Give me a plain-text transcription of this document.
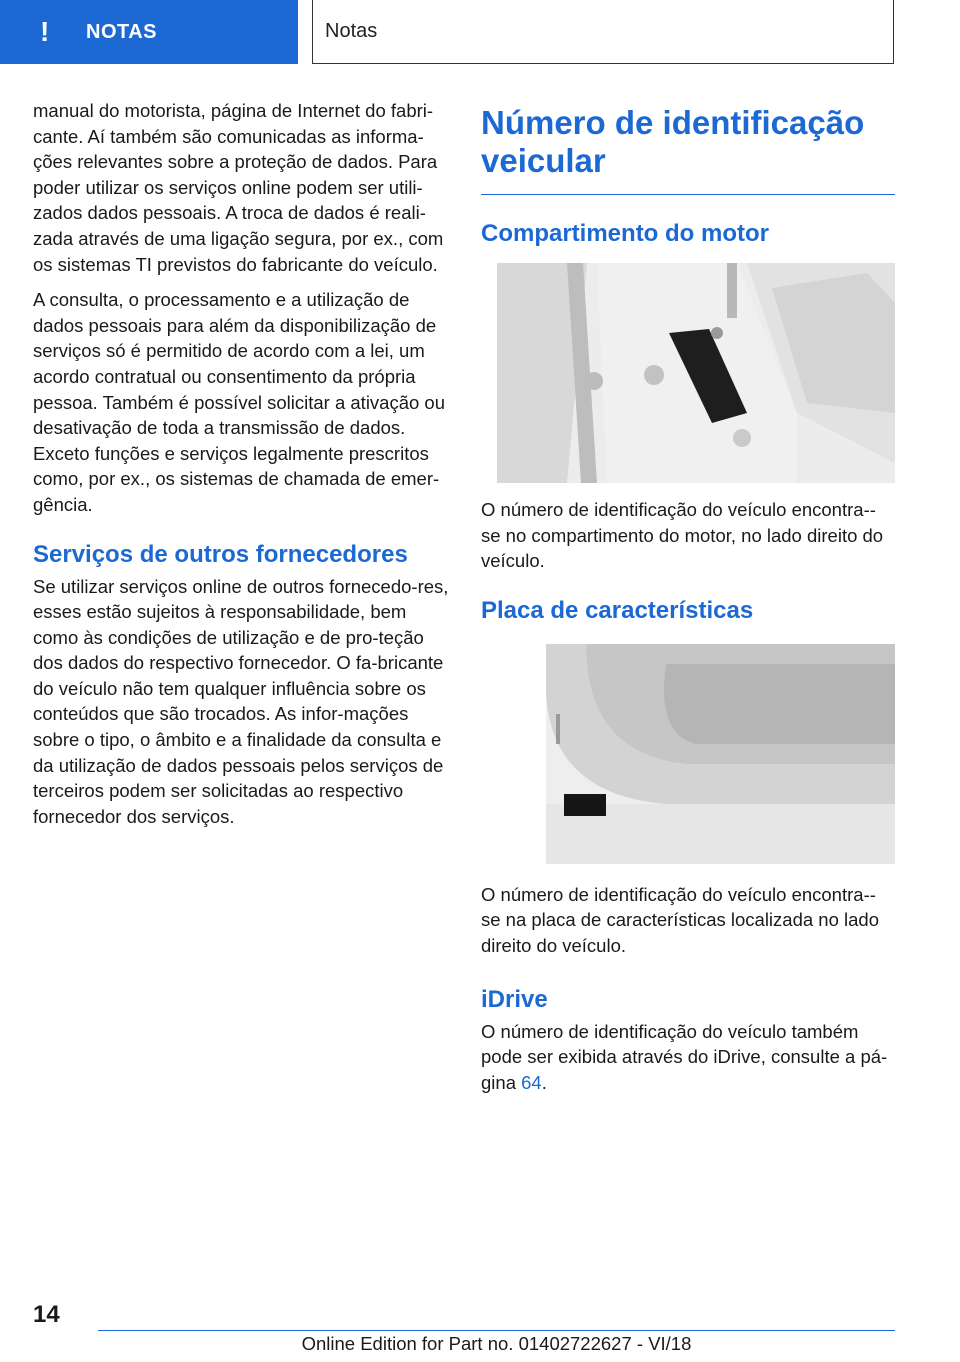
!	NOTAS	Notas

manual do motorista, página de Internet do fabri-cante. Aí também são comunicadas as informa-ções relevantes sobre a proteção de dados. Para poder utilizar os serviços online podem ser utili-zados dados pessoais. A troca de dados é reali-zada através de uma ligação segura, por ex., com os sistemas TI previstos do fabricante do veículo.

A consulta, o processamento e a utilização de dados pessoais para além da disponibilização de serviços só é permitido de acordo com a lei, um acordo contratual ou consentimento da própria pessoa. Também é possível solicitar a ativação ou desativação de toda a transmissão de dados. Exceto funções e serviços legalmente prescritos como, por ex., os sistemas de chamada de emer-gência.

Serviços de outros fornecedores

Se utilizar serviços online de outros fornecedo-res, esses estão sujeitos à responsabilidade, bem como às condições de utilização e de pro-teção dos dados do respectivo fornecedor. O fa-bricante do veículo não tem qualquer influência sobre os conteúdos que são trocados. As infor-mações sobre o tipo, o âmbito e a finalidade da consulta e da utilização de dados pessoais pelos serviços de terceiros podem ser solicitadas ao respectivo fornecedor dos serviços.

Número de identificação veicular
Compartimento do motor

O número de identificação do veículo encontra--se no compartimento do motor, no lado direito do veículo.

Placa de características

O número de identificação do veículo encontra--se na placa de características localizada no lado direito do veículo.

iDrive

O número de identificação do veículo também pode ser exibida através do iDrive, consulte a pá-gina 64.

14
Online Edition for Part no. 01402722627 - VI/18
